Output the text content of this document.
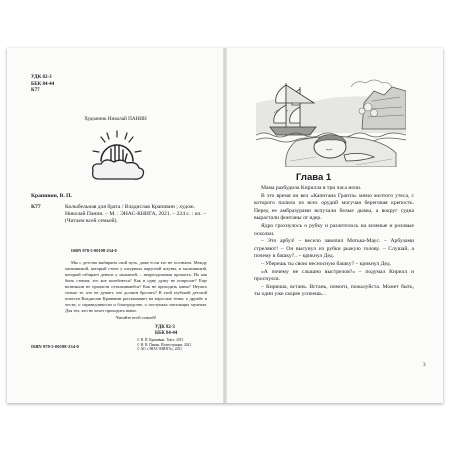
УДК 82-3
ББК 84-44
К77
Художник Николай ПАНИН
Крапивин, В. П.
К77	Колыбельная для брата / Владислав Крапивин ; худож. Николай Панин. – М. : ЭНАС-КНИГА, 2021. – 224 с. : ил. – (Читаем всей семьей).
ISBN 978-5-00198-234-0
Мы с детства выбираем свой путь, даже если это не осознаем. Между мальчишкой, который стоит у штурвала парусной шхуны, и мальчишкой, который отбирает деньги у малышей, – непреодолимая пропасть. Но как быть стенам, его кое колебнется? Как в одну душу не попросит? Еще возникали не пропасти отталкиваюбся? Как не проходить мимо? Неужто только те, кто не думает, что должен бросить? В этой глубокой детской повести Владислав Крапивин рассказывает на взрослые темы: о дружбе и чести, о справедливости и благородстве, о поступках настоящих мужчин. Для тех, кто не хочет проходить мимо.
Читайте всей семьей!
УДК 82-3
ББК 84-44
ISBN 978-5-00198-234-0
© В. П. Крапивин. Текст, 2015
© Н. В. Панин. Иллюстрации, 2021
© АО «ЭНАС-КНИГА», 2021
Глава 1

Мама разбудила Кирилла в три часа ночи.

В это время он вел «Капитана Гранта» мимо желтого утеса, с которого палила из всех орудий могучая береговая крепость. Перед ее амбразурами вспухали белые дымы, а вокруг судна вырастали фонтаны от ядер.

Ядро грохнулось о рубку и разлетелось на зеленые и розовые осколки.

– Это арбуз! – весело завопил Мотька-Маус. – Арбузами стреляют! – Он высунул из рубки рыжую голову. – Слушай, а почему в башку?.. – крикнул Дед.

– Уберешь ты свою несносную башку? – крикнул Дед.

«А почему не слышно выстрелов?» – подумал Кирилл и проснулся.

– Кирюша, встань. Встань, помоги, пожалуйста. Может быть, ты один уже скорее успеешь...

3
